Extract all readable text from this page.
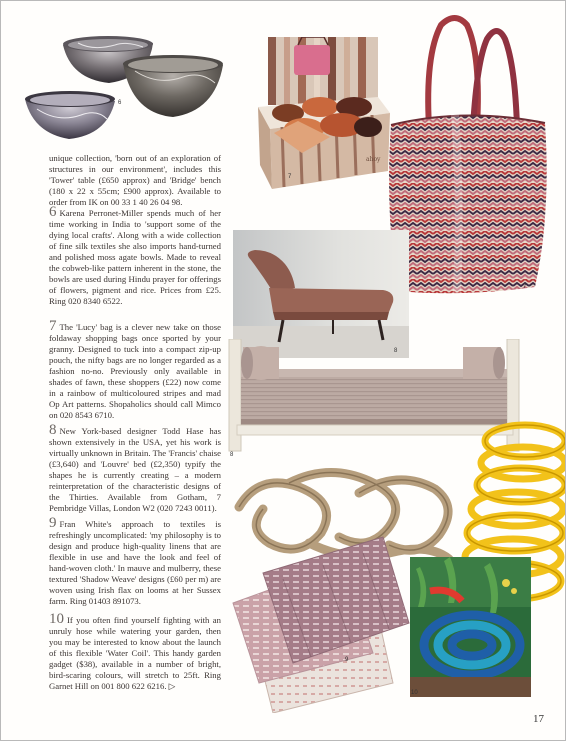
unique collection, 'born out of an exploration of structures in our environment', includes this 'Tower' table (£650 approx) and 'Bridge' bench (180 x 22 x 55cm; £900 approx). Available to order from IK on 00 33 1 40 26 04 98.

6 Karena Perronet-Miller spends much of her time working in India to 'support some of the dying local crafts'. Along with a wide collection of fine silk textiles she also imports hand-turned and polished moss agate bowls. Made to reveal the cobweb-like pattern inherent in the stone, the bowls are used during Hindu prayer for offerings of flowers, pigment and rice. Prices from £25. Ring 020 8340 6522.

7 The 'Lucy' bag is a clever new take on those foldaway shopping bags once sported by your granny. Designed to tuck into a compact zip-up pouch, the nifty bags are no longer regarded as a fashion no-no. Previously only available in shades of fawn, these shoppers (£22) now come in a rainbow of multicoloured stripes and mad Op Art patterns. Shopaholics should call Mimco on 020 8543 6710.

8 New York-based designer Todd Hase has shown extensively in the USA, yet his work is virtually unknown in Britain. The 'Francis' chaise (£3,640) and 'Louvre' bed (£2,350) typify the shapes he is currently creating – a modern reinterpretation of the characteristic designs of the Thirties. Available from Gotham, 7 Pembridge Villas, London W2 (020 7243 0011).

9 Fran White's approach to textiles is refreshingly uncomplicated: 'my philosophy is to design and produce high-quality linens that are flexible in use and have the look and feel of hand-woven cloth.' In mauve and mulberry, these textured 'Shadow Weave' designs (£60 per m) are woven using Irish flax on looms at her Sussex farm. Ring 01403 891073.

10 If you often find yourself fighting with an unruly hose while watering your garden, then you may be interested to know about the launch of this flexible 'Water Coil'. This handy garden gadget ($38), available in a number of bright, bird-scaring colours, will stretch to 25ft. Ring Garnet Hill on 001 800 622 6216. ▷

17
6
ahoy
7
7
8
8
9
10
